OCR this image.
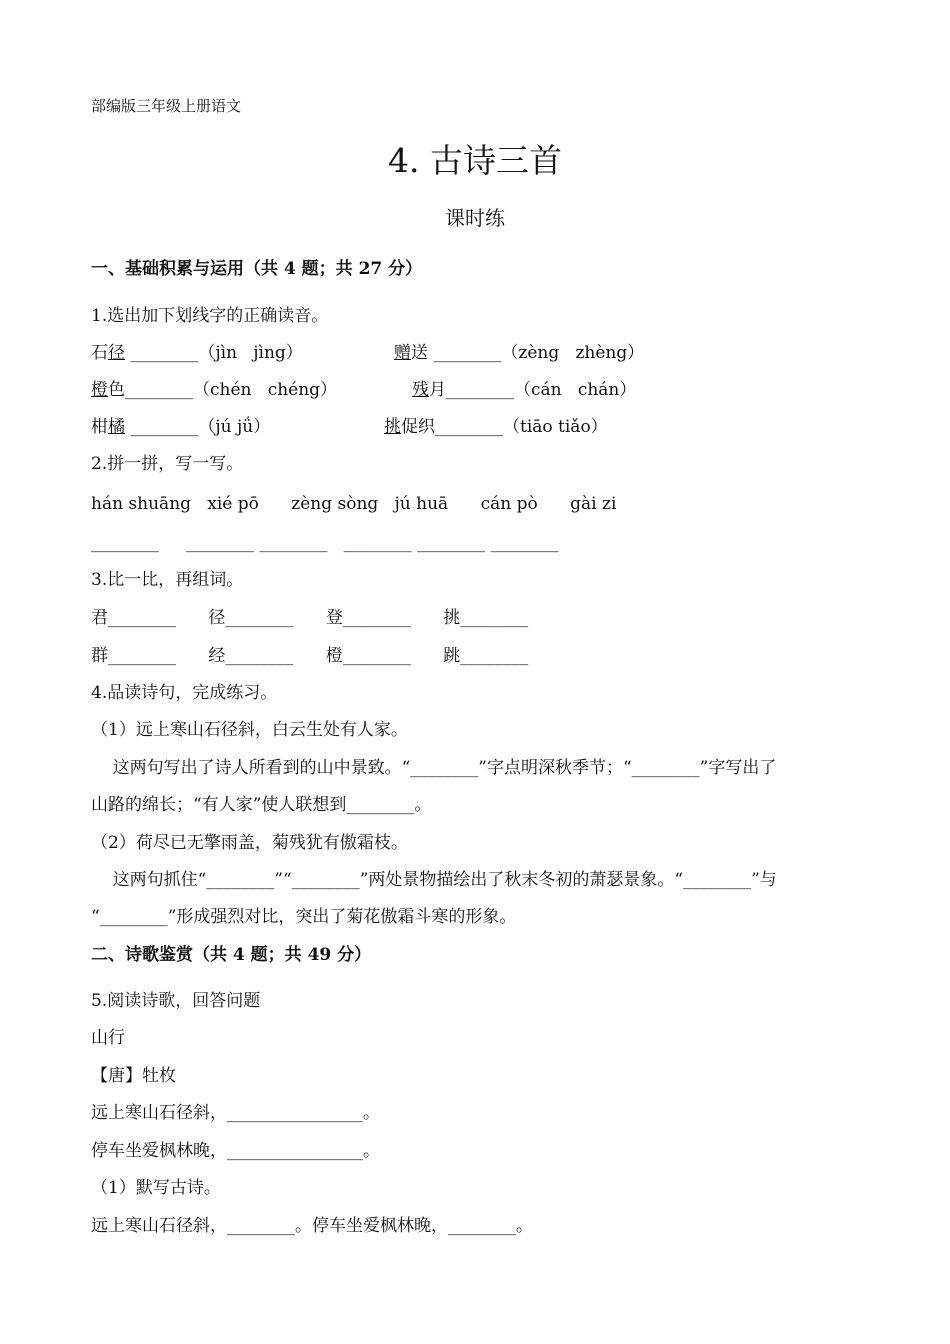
部编版三年级上册语文
4. 古诗三首
课时练
一、基础积累与运用（共 4 题；共 27 分）
1.选出加下划线字的正确读音。
石径 ________（jìn   jìng）	赠送 ________（zèng   zhèng）
橙色________（chén   chéng）	残月________（cán   chán）
柑橘 ________（jú jǘ）	挑促织________（tiāo tiǎo）
2.拼一拼，写一写。
hán shuāng   xié pō      zèng sòng   jú huā      cán pò      gài zi
________     ________ ________   ________ ________ ________
3.比一比，再组词。
君________      径________      登________      挑________
群________      经________      橙________      跳________
4.品读诗句，完成练习。
（1）远上寒山石径斜，白云生处有人家。
这两句写出了诗人所看到的山中景致。“________”字点明深秋季节；“________”字写出了
山路的绵长；“有人家”使人联想到________。
（2）荷尽已无擎雨盖，菊残犹有傲霜枝。
这两句抓住“________”“________”两处景物描绘出了秋末冬初的萧瑟景象。“________”与
“________”形成强烈对比，突出了菊花傲霜斗寒的形象。
二、诗歌鉴赏（共 4 题；共 49 分）
5.阅读诗歌，回答问题
山行
【唐】牡枚
远上寒山石径斜，________________。
停车坐爱枫林晚，________________。
（1）默写古诗。
远上寒山石径斜，________。停车坐爱枫林晚，________。
